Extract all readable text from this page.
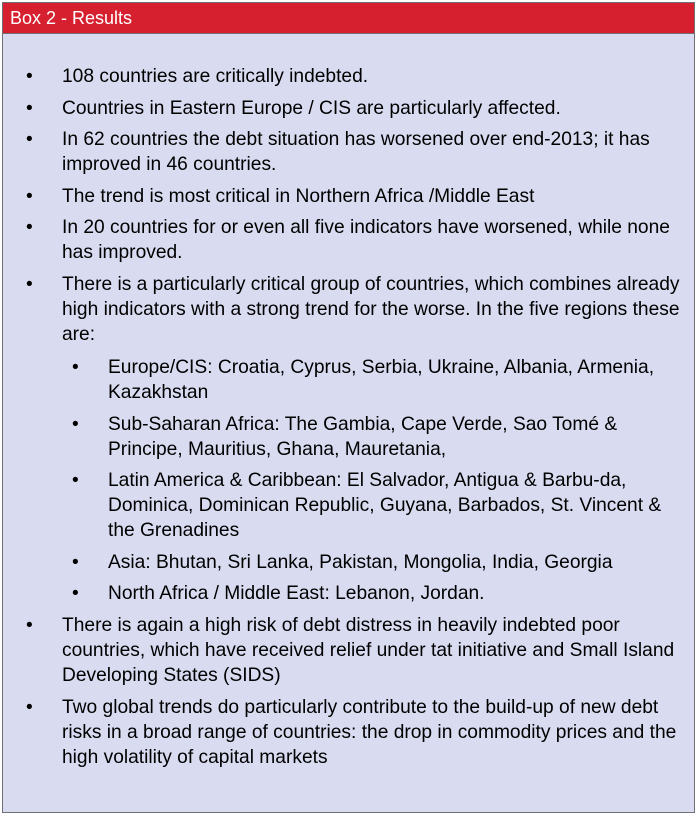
Box 2 - Results
• 108 countries are critically indebted.
• Countries in Eastern Europe / CIS are particularly affected.
• In 62 countries the debt situation has worsened over end-2013; it has improved in 46 countries.
• The trend is most critical in Northern Africa /Middle East
• In 20 countries for or even all five indicators have worsened, while none has improved.
• There is a particularly critical group of countries, which combines already high indicators with a strong trend for the worse. In the five regions these are:
• Europe/CIS: Croatia, Cyprus, Serbia, Ukraine, Albania, Armenia, Kazakhstan
• Sub-Saharan Africa: The Gambia, Cape Verde, Sao Tomé & Principe, Mauritius, Ghana, Mauretania,
• Latin America & Caribbean: El Salvador, Antigua & Barbu-da, Dominica, Dominican Republic, Guyana, Barbados, St. Vincent & the Grenadines
• Asia: Bhutan, Sri Lanka, Pakistan, Mongolia, India, Georgia
• North Africa / Middle East: Lebanon, Jordan.
• There is again a high risk of debt distress in heavily indebted poor countries, which have received relief under tat initiative and Small Island Developing States (SIDS)
• Two global trends do particularly contribute to the build-up of new debt risks in a broad range of countries: the drop in commodity prices and the high volatility of capital markets
